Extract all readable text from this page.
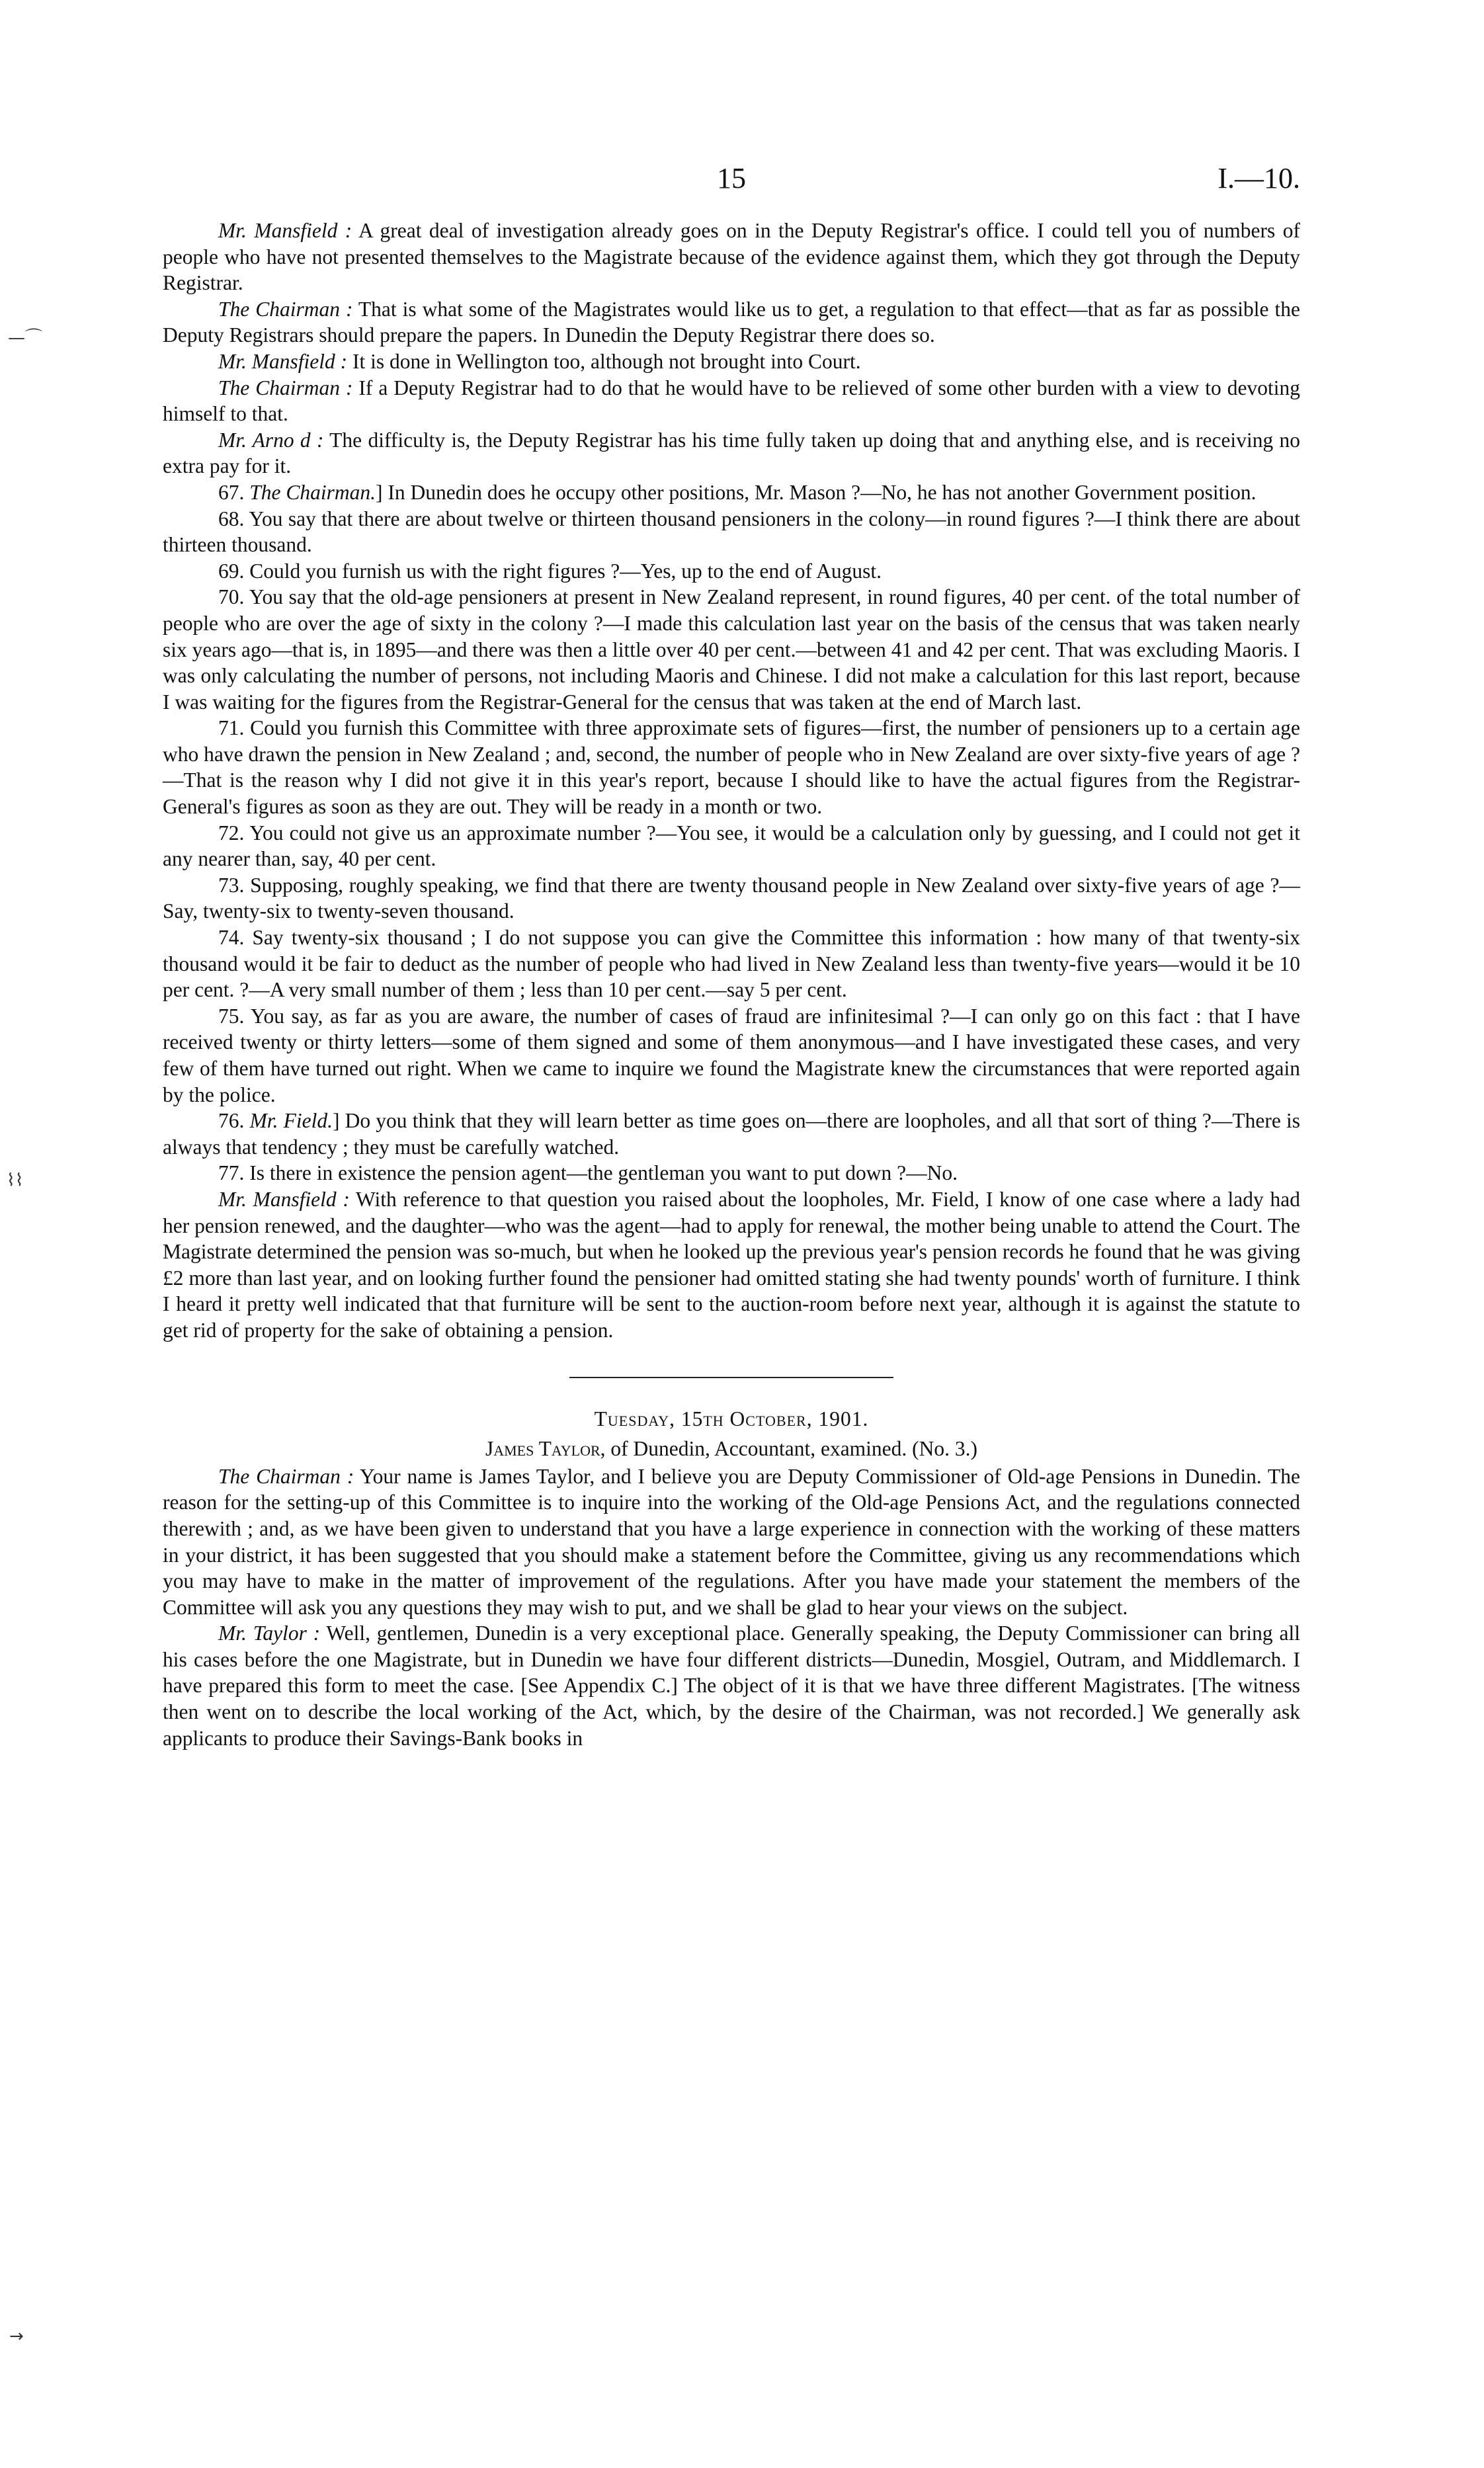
—⌒
⌇⌇
→
15	I.—10.

Mr. Mansfield : A great deal of investigation already goes on in the Deputy Registrar's office. I could tell you of numbers of people who have not presented themselves to the Magistrate because of the evidence against them, which they got through the Deputy Registrar.

The Chairman : That is what some of the Magistrates would like us to get, a regulation to that effect—that as far as possible the Deputy Registrars should prepare the papers. In Dunedin the Deputy Registrar there does so.

Mr. Mansfield : It is done in Wellington too, although not brought into Court.

The Chairman : If a Deputy Registrar had to do that he would have to be relieved of some other burden with a view to devoting himself to that.

Mr. Arno d : The difficulty is, the Deputy Registrar has his time fully taken up doing that and anything else, and is receiving no extra pay for it.

67. The Chairman.] In Dunedin does he occupy other positions, Mr. Mason ?—No, he has not another Government position.

68. You say that there are about twelve or thirteen thousand pensioners in the colony—in round figures ?—I think there are about thirteen thousand.

69. Could you furnish us with the right figures ?—Yes, up to the end of August.

70. You say that the old-age pensioners at present in New Zealand represent, in round figures, 40 per cent. of the total number of people who are over the age of sixty in the colony ?—I made this calculation last year on the basis of the census that was taken nearly six years ago—that is, in 1895—and there was then a little over 40 per cent.—between 41 and 42 per cent. That was excluding Maoris. I was only calculating the number of persons, not including Maoris and Chinese. I did not make a calculation for this last report, because I was waiting for the figures from the Registrar-General for the census that was taken at the end of March last.

71. Could you furnish this Committee with three approximate sets of figures—first, the number of pensioners up to a certain age who have drawn the pension in New Zealand ; and, second, the number of people who in New Zealand are over sixty-five years of age ?—That is the reason why I did not give it in this year's report, because I should like to have the actual figures from the Registrar-General's figures as soon as they are out. They will be ready in a month or two.

72. You could not give us an approximate number ?—You see, it would be a calculation only by guessing, and I could not get it any nearer than, say, 40 per cent.

73. Supposing, roughly speaking, we find that there are twenty thousand people in New Zealand over sixty-five years of age ?—Say, twenty-six to twenty-seven thousand.

74. Say twenty-six thousand ; I do not suppose you can give the Committee this information : how many of that twenty-six thousand would it be fair to deduct as the number of people who had lived in New Zealand less than twenty-five years—would it be 10 per cent. ?—A very small number of them ; less than 10 per cent.—say 5 per cent.

75. You say, as far as you are aware, the number of cases of fraud are infinitesimal ?—I can only go on this fact : that I have received twenty or thirty letters—some of them signed and some of them anonymous—and I have investigated these cases, and very few of them have turned out right. When we came to inquire we found the Magistrate knew the circumstances that were reported again by the police.

76. Mr. Field.] Do you think that they will learn better as time goes on—there are loopholes, and all that sort of thing ?—There is always that tendency ; they must be carefully watched.

77. Is there in existence the pension agent—the gentleman you want to put down ?—No.

Mr. Mansfield : With reference to that question you raised about the loopholes, Mr. Field, I know of one case where a lady had her pension renewed, and the daughter—who was the agent—had to apply for renewal, the mother being unable to attend the Court. The Magistrate determined the pension was so-much, but when he looked up the previous year's pension records he found that he was giving £2 more than last year, and on looking further found the pensioner had omitted stating she had twenty pounds' worth of furniture. I think I heard it pretty well indicated that that furniture will be sent to the auction-room before next year, although it is against the statute to get rid of property for the sake of obtaining a pension.

Tuesday, 15th October, 1901.

James Taylor, of Dunedin, Accountant, examined. (No. 3.)

The Chairman : Your name is James Taylor, and I believe you are Deputy Commissioner of Old-age Pensions in Dunedin. The reason for the setting-up of this Committee is to inquire into the working of the Old-age Pensions Act, and the regulations connected therewith ; and, as we have been given to understand that you have a large experience in connection with the working of these matters in your district, it has been suggested that you should make a statement before the Committee, giving us any recommendations which you may have to make in the matter of improvement of the regulations. After you have made your statement the members of the Committee will ask you any questions they may wish to put, and we shall be glad to hear your views on the subject.

Mr. Taylor : Well, gentlemen, Dunedin is a very exceptional place. Generally speaking, the Deputy Commissioner can bring all his cases before the one Magistrate, but in Dunedin we have four different districts—Dunedin, Mosgiel, Outram, and Middlemarch. I have prepared this form to meet the case. [See Appendix C.] The object of it is that we have three different Magistrates. [The witness then went on to describe the local working of the Act, which, by the desire of the Chairman, was not recorded.] We generally ask applicants to produce their Savings-Bank books in
